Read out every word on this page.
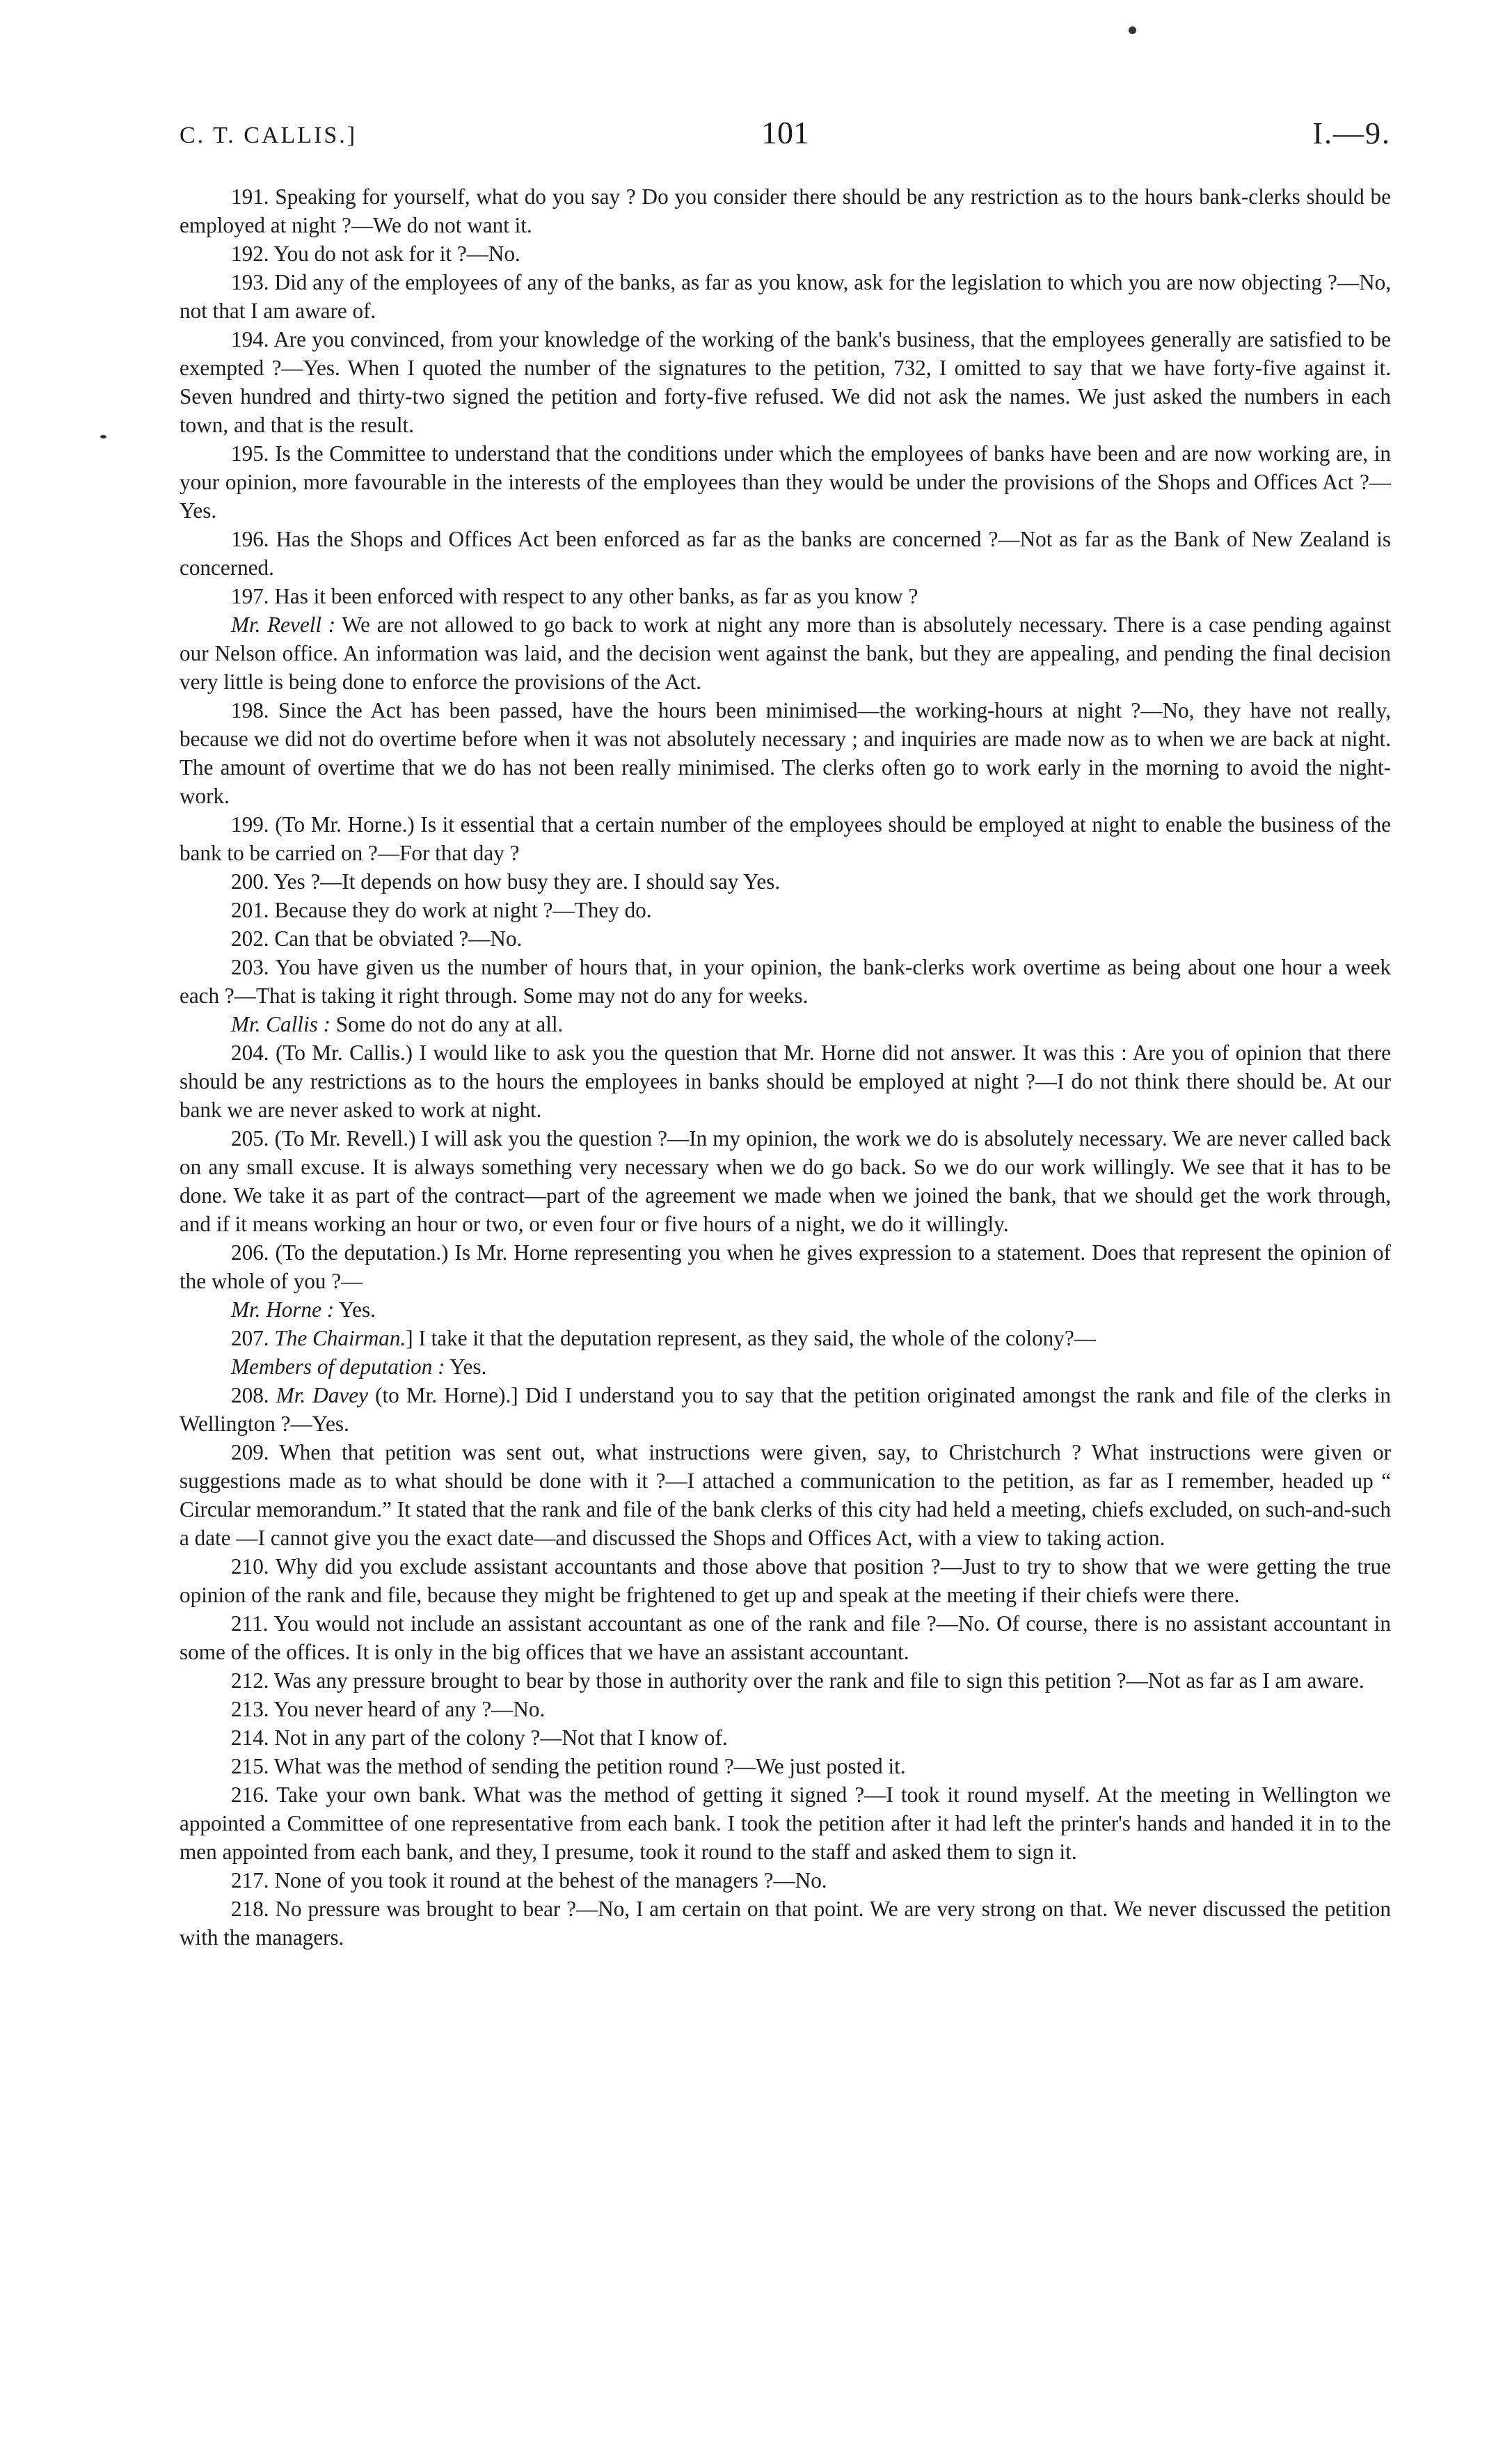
C. T. CALLIS.]	101	I.—9.

191. Speaking for yourself, what do you say ? Do you consider there should be any restriction as to the hours bank-clerks should be employed at night ?—We do not want it.

192. You do not ask for it ?—No.

193. Did any of the employees of any of the banks, as far as you know, ask for the legislation to which you are now objecting ?—No, not that I am aware of.

194. Are you convinced, from your knowledge of the working of the bank's business, that the employees generally are satisfied to be exempted ?—Yes. When I quoted the number of the signatures to the petition, 732, I omitted to say that we have forty-five against it. Seven hundred and thirty-two signed the petition and forty-five refused. We did not ask the names. We just asked the numbers in each town, and that is the result.

195. Is the Committee to understand that the conditions under which the employees of banks have been and are now working are, in your opinion, more favourable in the interests of the employees than they would be under the provisions of the Shops and Offices Act ?—Yes.

196. Has the Shops and Offices Act been enforced as far as the banks are concerned ?—Not as far as the Bank of New Zealand is concerned.

197. Has it been enforced with respect to any other banks, as far as you know ?

Mr. Revell : We are not allowed to go back to work at night any more than is absolutely necessary. There is a case pending against our Nelson office. An information was laid, and the decision went against the bank, but they are appealing, and pending the final decision very little is being done to enforce the provisions of the Act.

198. Since the Act has been passed, have the hours been minimised—the working-hours at night ?—No, they have not really, because we did not do overtime before when it was not absolutely necessary ; and inquiries are made now as to when we are back at night. The amount of overtime that we do has not been really minimised. The clerks often go to work early in the morning to avoid the night-work.

199. (To Mr. Horne.) Is it essential that a certain number of the employees should be employed at night to enable the business of the bank to be carried on ?—For that day ?

200. Yes ?—It depends on how busy they are. I should say Yes.

201. Because they do work at night ?—They do.

202. Can that be obviated ?—No.

203. You have given us the number of hours that, in your opinion, the bank-clerks work overtime as being about one hour a week each ?—That is taking it right through. Some may not do any for weeks.

Mr. Callis : Some do not do any at all.

204. (To Mr. Callis.) I would like to ask you the question that Mr. Horne did not answer. It was this : Are you of opinion that there should be any restrictions as to the hours the employees in banks should be employed at night ?—I do not think there should be. At our bank we are never asked to work at night.

205. (To Mr. Revell.) I will ask you the question ?—In my opinion, the work we do is absolutely necessary. We are never called back on any small excuse. It is always something very necessary when we do go back. So we do our work willingly. We see that it has to be done. We take it as part of the contract—part of the agreement we made when we joined the bank, that we should get the work through, and if it means working an hour or two, or even four or five hours of a night, we do it willingly.

206. (To the deputation.) Is Mr. Horne representing you when he gives expression to a statement. Does that represent the opinion of the whole of you ?—

Mr. Horne : Yes.

207. The Chairman.] I take it that the deputation represent, as they said, the whole of the colony?—

Members of deputation : Yes.

208. Mr. Davey (to Mr. Horne).] Did I understand you to say that the petition originated amongst the rank and file of the clerks in Wellington ?—Yes.

209. When that petition was sent out, what instructions were given, say, to Christchurch ? What instructions were given or suggestions made as to what should be done with it ?—I attached a communication to the petition, as far as I remember, headed up “ Circular memorandum.” It stated that the rank and file of the bank clerks of this city had held a meeting, chiefs excluded, on such-and-such a date —I cannot give you the exact date—and discussed the Shops and Offices Act, with a view to taking action.

210. Why did you exclude assistant accountants and those above that position ?—Just to try to show that we were getting the true opinion of the rank and file, because they might be frightened to get up and speak at the meeting if their chiefs were there.

211. You would not include an assistant accountant as one of the rank and file ?—No. Of course, there is no assistant accountant in some of the offices. It is only in the big offices that we have an assistant accountant.

212. Was any pressure brought to bear by those in authority over the rank and file to sign this petition ?—Not as far as I am aware.

213. You never heard of any ?—No.

214. Not in any part of the colony ?—Not that I know of.

215. What was the method of sending the petition round ?—We just posted it.

216. Take your own bank. What was the method of getting it signed ?—I took it round myself. At the meeting in Wellington we appointed a Committee of one representative from each bank. I took the petition after it had left the printer's hands and handed it in to the men appointed from each bank, and they, I presume, took it round to the staff and asked them to sign it.

217. None of you took it round at the behest of the managers ?—No.

218. No pressure was brought to bear ?—No, I am certain on that point. We are very strong on that. We never discussed the petition with the managers.
